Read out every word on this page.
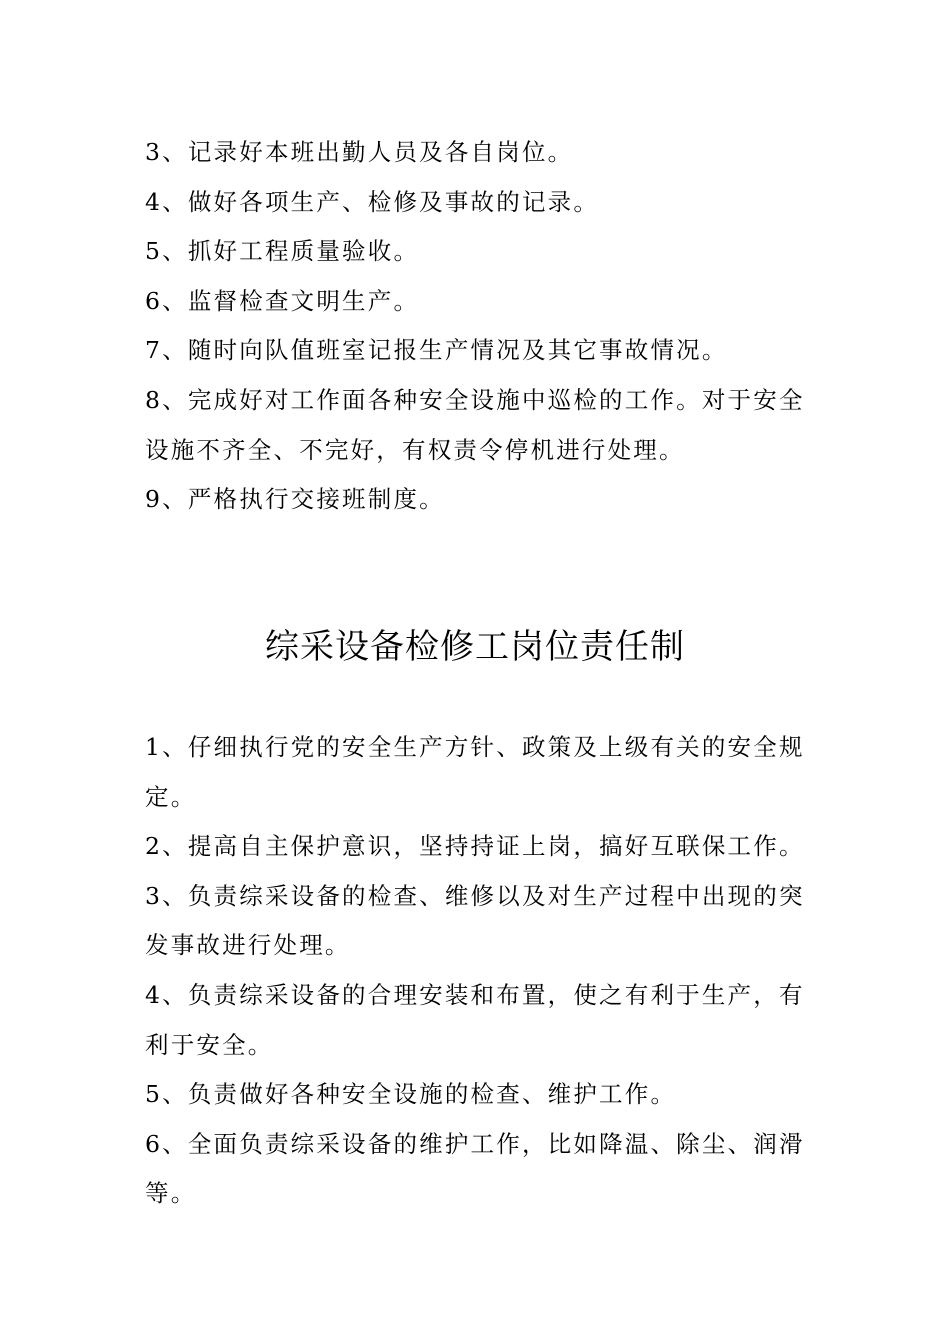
3、记录好本班出勤人员及各自岗位。
4、做好各项生产、检修及事故的记录。
5、抓好工程质量验收。
6、监督检查文明生产。
7、随时向队值班室记报生产情况及其它事故情况。
8、完成好对工作面各种安全设施中巡检的工作。对于安全设施不齐全、不完好，有权责令停机进行处理。
9、严格执行交接班制度。
综采设备检修工岗位责任制
1、仔细执行党的安全生产方针、政策及上级有关的安全规定。
2、提高自主保护意识，坚持持证上岗，搞好互联保工作。
3、负责综采设备的检查、维修以及对生产过程中出现的突发事故进行处理。
4、负责综采设备的合理安装和布置，使之有利于生产，有利于安全。
5、负责做好各种安全设施的检查、维护工作。
6、全面负责综采设备的维护工作，比如降温、除尘、润滑等。
